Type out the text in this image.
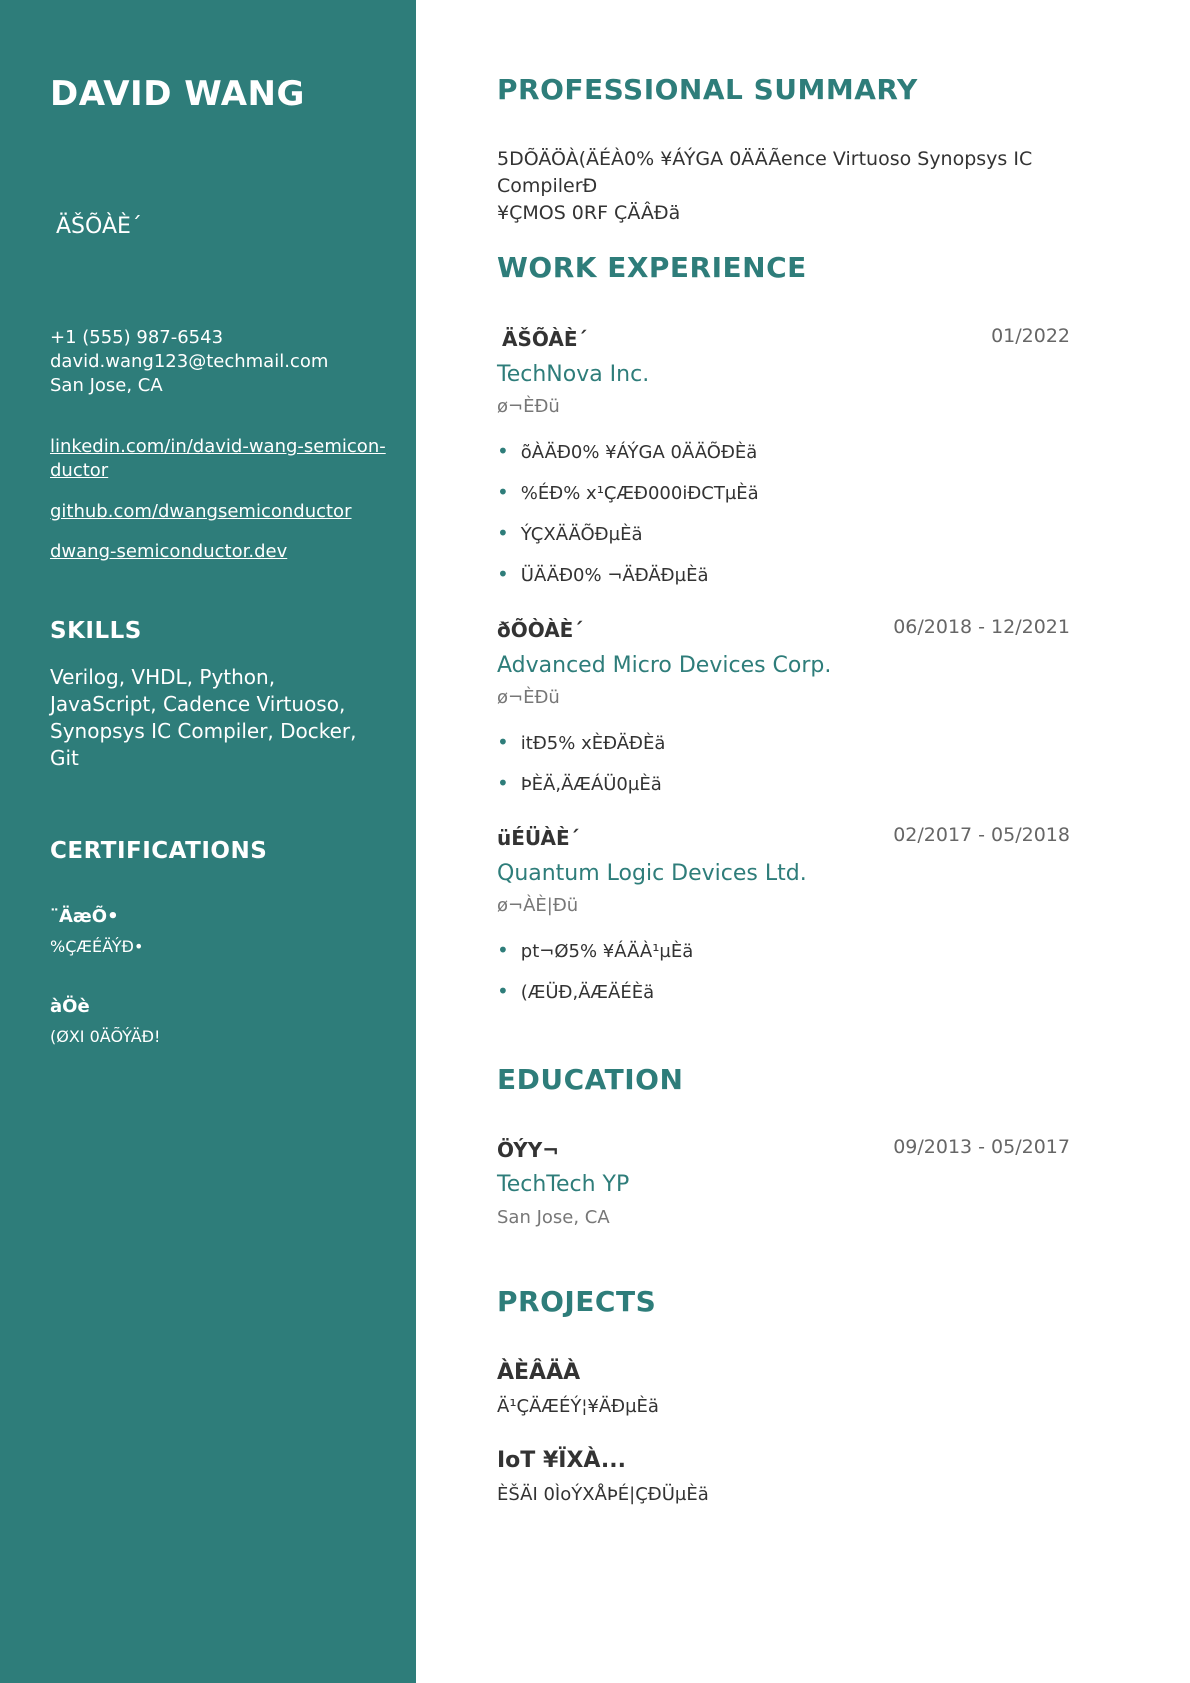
DAVID WANG
ÄŠÕÀÈ´
+1 (555) 987-6543
david.wang123@techmail.com
San Jose, CA
linkedin.com/in/david-wang-semicon-
ductor
github.com/dwangsemiconductor
dwang-semiconductor.dev
SKILLS
Verilog, VHDL, Python, JavaScript, Cadence Virtuoso, Synopsys IC Compiler, Docker, Git
CERTIFICATIONS
¨ÄæÕ•
%ÇÆÉÄÝÐ•
àÖè
(ØXI 0ÄÕÝÄÐ!
PROFESSIONAL SUMMARY
5DÕÄÖÀ(ÄÉÀ0% ¥ÁÝGA 0ÄÄÃence Virtuoso Synopsys IC CompilerÐ
¥ÇMOS 0RF ÇÄÂÐä
WORK EXPERIENCE
ÄŠÕÀÈ´	01/2022
TechNova Inc.
ø¬ÈÐü
• õÀÄÐ0% ¥ÁÝGA 0ÄÄÕÐÈä
• %ÉÐ% x¹ÇÆÐ000iÐCTµÈä
• ÝÇXÄÄÕÐµÈä
• ÜÄÄÐ0% ¬ÄÐÄÐµÈä
ðÕÒÀÈ´	06/2018 - 12/2021
Advanced Micro Devices Corp.
ø¬ÈÐü
• itÐ5% xÈÐÄÐÈä
• ÞÈÄ,ÄÆÁÜ0µÈä
üÉÜÀÈ´	02/2017 - 05/2018
Quantum Logic Devices Ltd.
ø¬ÀÈ|Ðü
• pt¬Ø5% ¥ÁÄÀ¹µÈä
• (ÆÜÐ,ÄÆÄÉÈä
EDUCATION
ÖÝY¬	09/2013 - 05/2017
TechTech YP
San Jose, CA
PROJECTS
ÀÈÂÄÀ
Ä¹ÇÄÆÉÝ¦¥ÄÐµÈä
IoT ¥ÏXÀ...
ÈŠÄI 0ÌoÝXÅÞÉ|ÇÐÜµÈä
